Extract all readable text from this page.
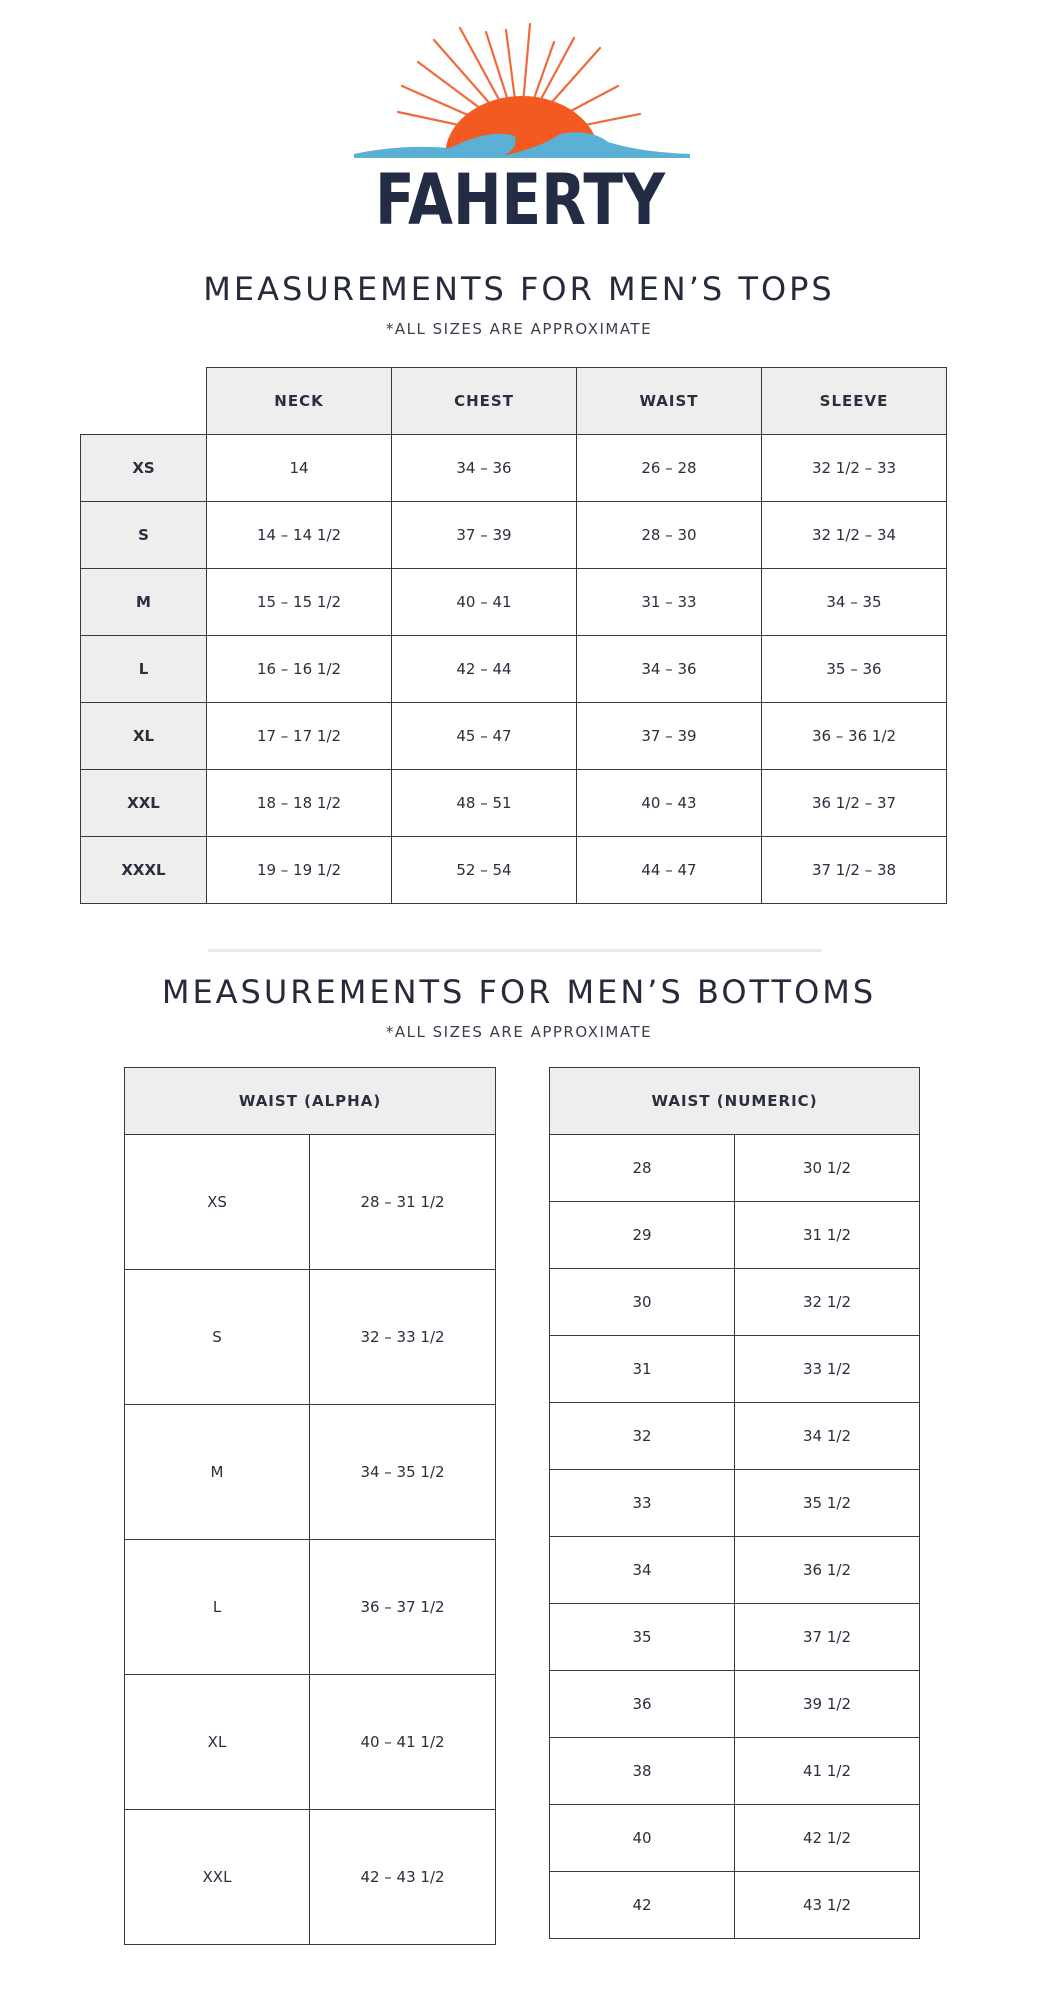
FAHERTY
MEASUREMENTS FOR MEN’S TOPS
*ALL SIZES ARE APPROXIMATE
	NECK	CHEST	WAIST	SLEEVE
XS	14	34 – 36	26 – 28	32 1/2 – 33
S	14 – 14 1/2	37 – 39	28 – 30	32 1/2 – 34
M	15 – 15 1/2	40 – 41	31 – 33	34 – 35
L	16 – 16 1/2	42 – 44	34 – 36	35 – 36
XL	17 – 17 1/2	45 – 47	37 – 39	36 – 36 1/2
XXL	18 – 18 1/2	48 – 51	40 – 43	36 1/2 – 37
XXXL	19 – 19 1/2	52 – 54	44 – 47	37 1/2 – 38
MEASUREMENTS FOR MEN’S BOTTOMS
*ALL SIZES ARE APPROXIMATE
WAIST (ALPHA)	
XS	28 – 31 1/2
S	32 – 33 1/2
M	34 – 35 1/2
L	36 – 37 1/2
XL	40 – 41 1/2
XXL	42 – 43 1/2
WAIST (NUMERIC)	
28	30 1/2
29	31 1/2
30	32 1/2
31	33 1/2
32	34 1/2
33	35 1/2
34	36 1/2
35	37 1/2
36	39 1/2
38	41 1/2
40	42 1/2
42	43 1/2
